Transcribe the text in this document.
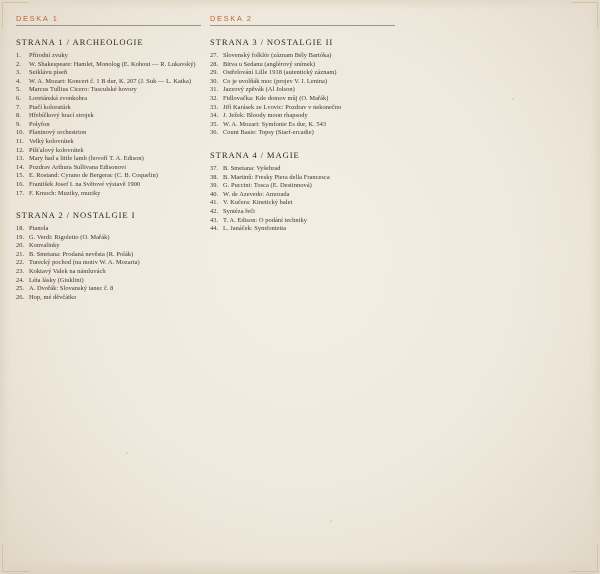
DESKA 1
STRANA 1 / ARCHEOLOGIE
1.	Přírodní zvuky
2.	W. Shakespeare: Hamlet, Monolog (E. Kohout — R. Lukavský)
3.	Seiklávu píseň
4.	W. A. Mozart: Koncert č. 1 B dur, K. 207 (J. Suk — L. Katka)
5.	Marcus Tullius Cicero: Tusculské hovory
6.	Loretánská zvonkohra
7.	Ptačí koloratúrk
8.	Hřebíčkový hrací strojek
9.	Polyfon
10. Planinový orchestrion
11. Velký kolovrátek
12. Píšťalový kolovrátek
13. Mary had a little lamb (hovoří T. A. Edison)
14. Pozdrav Arthura Sullivana Edisonovi
15. E. Rostand: Cyrano de Bergerac (C. B. Coquelin)
16. František Josef I. na Světové výstavě 1900
17. F. Kmoch: Muziky, muziky
STRANA 2 / NOSTALGIE I
18. Pianola
19. G. Verdi: Rigoletto (O. Mařák)
20. Konvalinky
21. B. Smetana: Prodaná nevěsta (R. Polák)
22. Turecký pochod (na motiv W. A. Mozarta)
23. Koktavý Valek na námluvách
24. Léta lásky (Giuklini)
25. A. Dvořák: Slovanský tanec č. 8
26. Hop, mé děvčátko
DESKA 2
STRANA 3 / NOSTALGIE II
27. Slovenský folklór (záznam Bély Bartóka)
28. Bitva u Sedanu (anglérový snímek)
29. Ostřelování Lille 1918 (autentický záznam)
30. Co je uvolňák moc (projev V. I. Lenina)
31. Jazzový zpěvák (Al Jolson)
32. Fidlovačka: Kde domov můj (O. Mařák)
33. Jiří Karásek ze Lvovic: Pozdrav v nekonečno
34. J. Ježek: Bloody moon rhapsody
35. W. A. Mozart: Symfonie Es dur, K. 543
36. Count Basie: Topsy (Starf-ercadie)
STRANA 4 / MAGIE
37. B. Smetana: Vyšehrad
38. B. Martinů: Fresky Piera della Francesca
39. G. Puccini: Tosca (E. Destinnová)
40. W. de Azevedo: Amorada
41. V. Kučera: Kinetický balet
42. Syntéza řeči
43. T. A. Edison: O podání techniky
44. L. Janáček: Symfonietta
